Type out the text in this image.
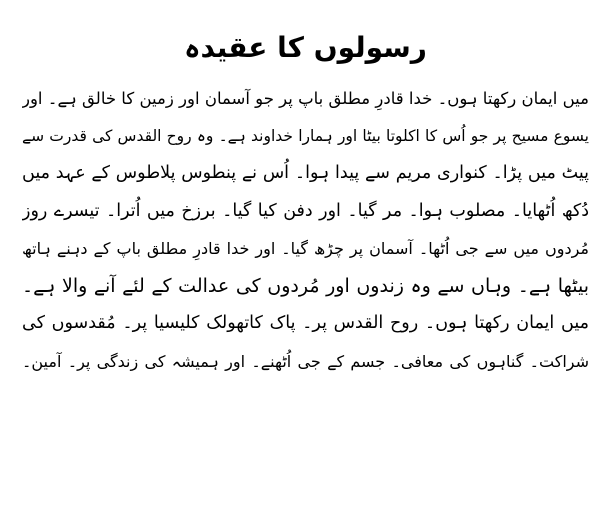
رسولوں کا عقیدہ
میں ایمان رکھتا ہوں۔ خدا قادرِ مطلق باپ پر جو آسمان اور زمین کا خالق ہے۔ اور
یسوع مسیح پر جو اُس کا اکلوتا بیٹا اور ہمارا خداوند ہے۔ وہ روح القدس کی قدرت سے
پیٹ میں پڑا۔ کنواری مریم سے پیدا ہوا۔ اُس نے پنطوس پلاطوس کے عہد میں
دُکھ اُٹھایا۔ مصلوب ہوا۔ مر گیا۔ اور دفن کیا گیا۔ برزخ میں اُترا۔ تیسرے روز
مُردوں میں سے جی اُٹھا۔ آسمان پر چڑھ گیا۔ اور خدا قادرِ مطلق باپ کے دہنے ہاتھ
بیٹھا ہے۔ وہاں سے وہ زندوں اور مُردوں کی عدالت کے لئے آنے والا ہے۔
میں ایمان رکھتا ہوں۔ روح القدس پر۔ پاک کاتھولک کلیسیا پر۔ مُقدسوں کی
شراکت۔ گناہوں کی معافی۔ جسم کے جی اُٹھنے۔ اور ہمیشہ کی زندگی پر۔ آمین۔
